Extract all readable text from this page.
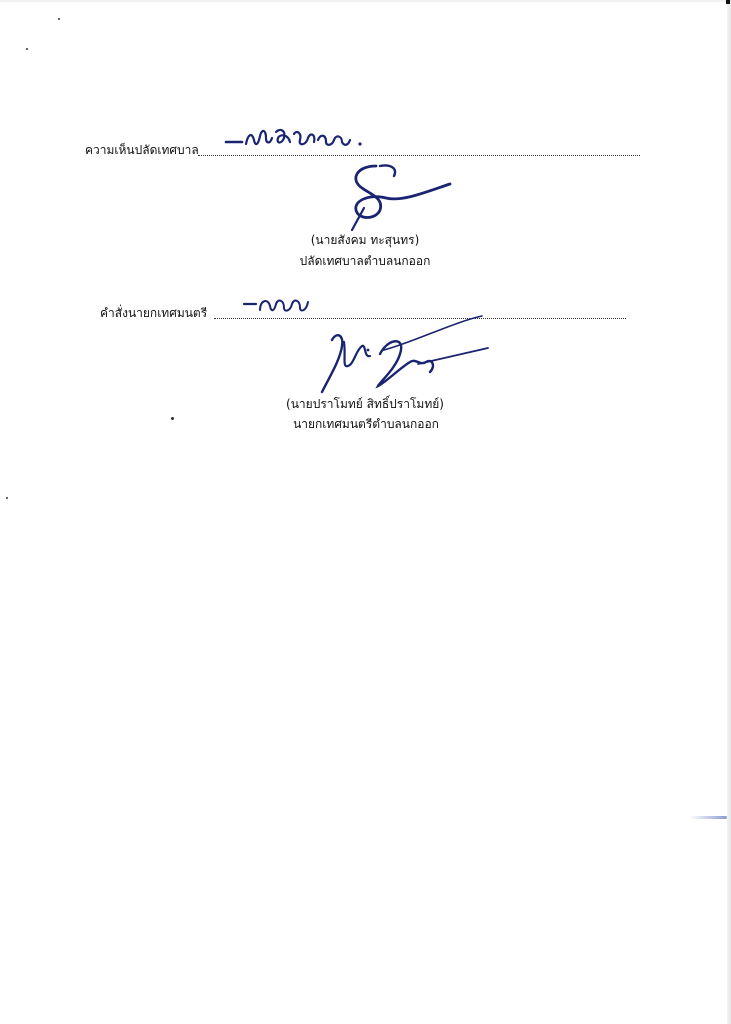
ความเห็นปลัดเทศบาล
เพื่อโปรดพิจารณา
(นายสังคม ทะสุนทร)
ปลัดเทศบาลตำบลนกออก
คำสั่งนายกเทศมนตรี
ทราบ
(นายปราโมทย์ สิทธิ์ปราโมทย์)
นายกเทศมนตรีตำบลนกออก
